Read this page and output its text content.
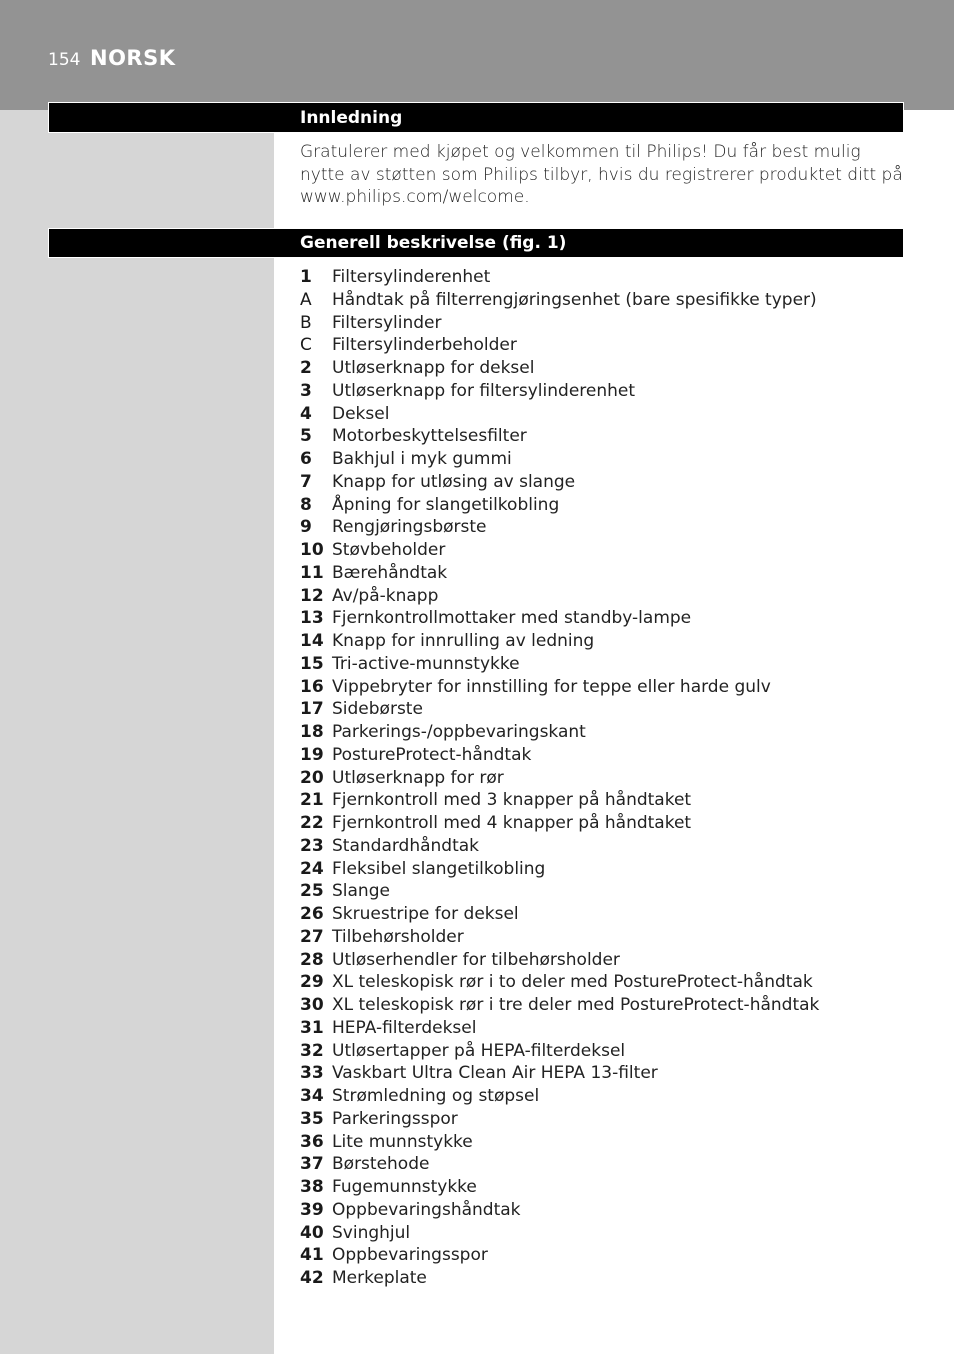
154 NORSK
Innledning
Gratulerer med kjøpet og velkommen til Philips! Du får best mulig nytte av støtten som Philips tilbyr, hvis du registrerer produktet ditt på www.philips.com/welcome.
Generell beskrivelse (fig. 1)
1 Filtersylinderenhet
A Håndtak på filterrengjøringsenhet (bare spesifikke typer)
B Filtersylinder
C Filtersylinderbeholder
2 Utløserknapp for deksel
3 Utløserknapp for filtersylinderenhet
4 Deksel
5 Motorbeskyttelsesfilter
6 Bakhjul i myk gummi
7 Knapp for utløsing av slange
8 Åpning for slangetilkobling
9 Rengjøringsbørste
10 Støvbeholder
11 Bærehåndtak
12 Av/på-knapp
13 Fjernkontrollmottaker med standby-lampe
14 Knapp for innrulling av ledning
15 Tri-active-munnstykke
16 Vippebryter for innstilling for teppe eller harde gulv
17 Sidebørste
18 Parkerings-/oppbevaringskant
19 PostureProtect-håndtak
20 Utløserknapp for rør
21 Fjernkontroll med 3 knapper på håndtaket
22 Fjernkontroll med 4 knapper på håndtaket
23 Standardhåndtak
24 Fleksibel slangetilkobling
25 Slange
26 Skruestripe for deksel
27 Tilbehørsholder
28 Utløserhendler for tilbehørsholder
29 XL teleskopisk rør i to deler med PostureProtect-håndtak
30 XL teleskopisk rør i tre deler med PostureProtect-håndtak
31 HEPA-filterdeksel
32 Utløsertapper på HEPA-filterdeksel
33 Vaskbart Ultra Clean Air HEPA 13-filter
34 Strømledning og støpsel
35 Parkeringsspor
36 Lite munnstykke
37 Børstehode
38 Fugemunnstykke
39 Oppbevaringshåndtak
40 Svinghjul
41 Oppbevaringsspor
42 Merkeplate
